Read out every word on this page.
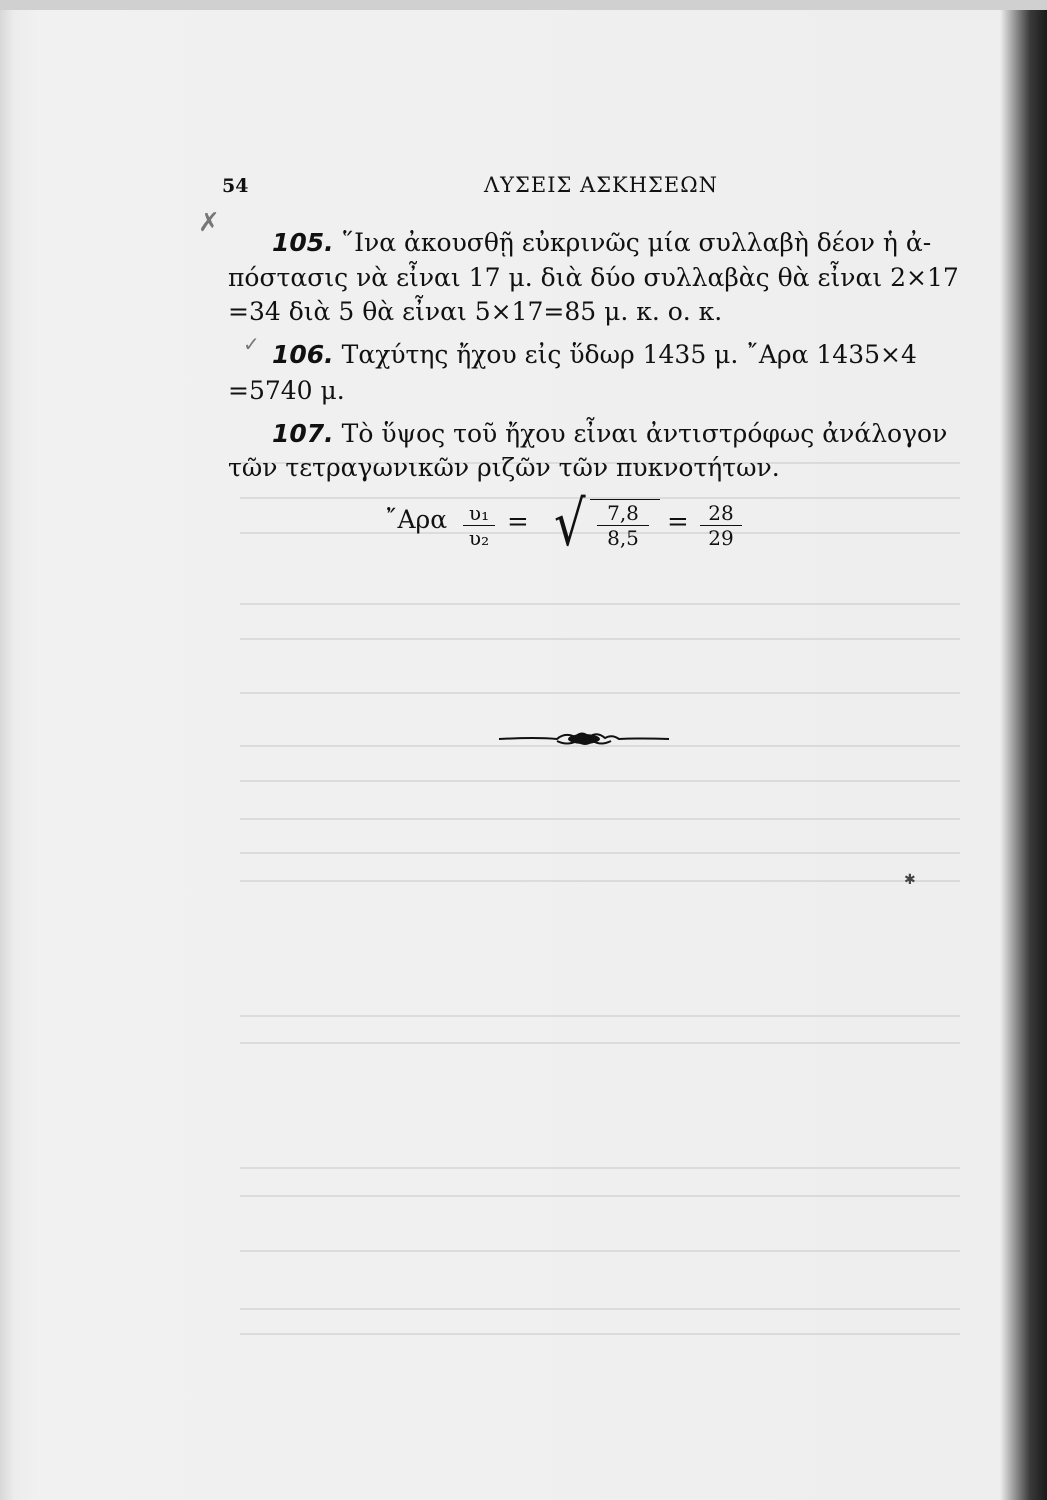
54	ΛΥΣΕΙΣ ΑΣΚΗΣΕΩΝ
✗
✓
105. ῞Ινα ἀκουσθῇ εὐκρινῶς μία συλλαβὴ δέον ἡ ἀ-
πόστασις νὰ εἶναι 17 μ. διὰ δύο συλλαβὰς θὰ εἶναι 2×17
=34 διὰ 5 θὰ εἶναι 5×17=85 μ. κ. ο. κ.
106. Ταχύτης ἤχου εἰς ὕδωρ 1435 μ. ῎Αρα 1435×4
=5740 μ.
107. Τὸ ὕψος τοῦ ἤχου εἶναι ἀντιστρόφως ἀνάλογον
τῶν τετραγωνικῶν ριζῶν τῶν πυκνοτήτων.
῎Αρα $\frac{\text{υ₁}}{\text{υ₂}}$ = √ $\frac{7,8}{8,5} = \frac{28}{29}$
✱
